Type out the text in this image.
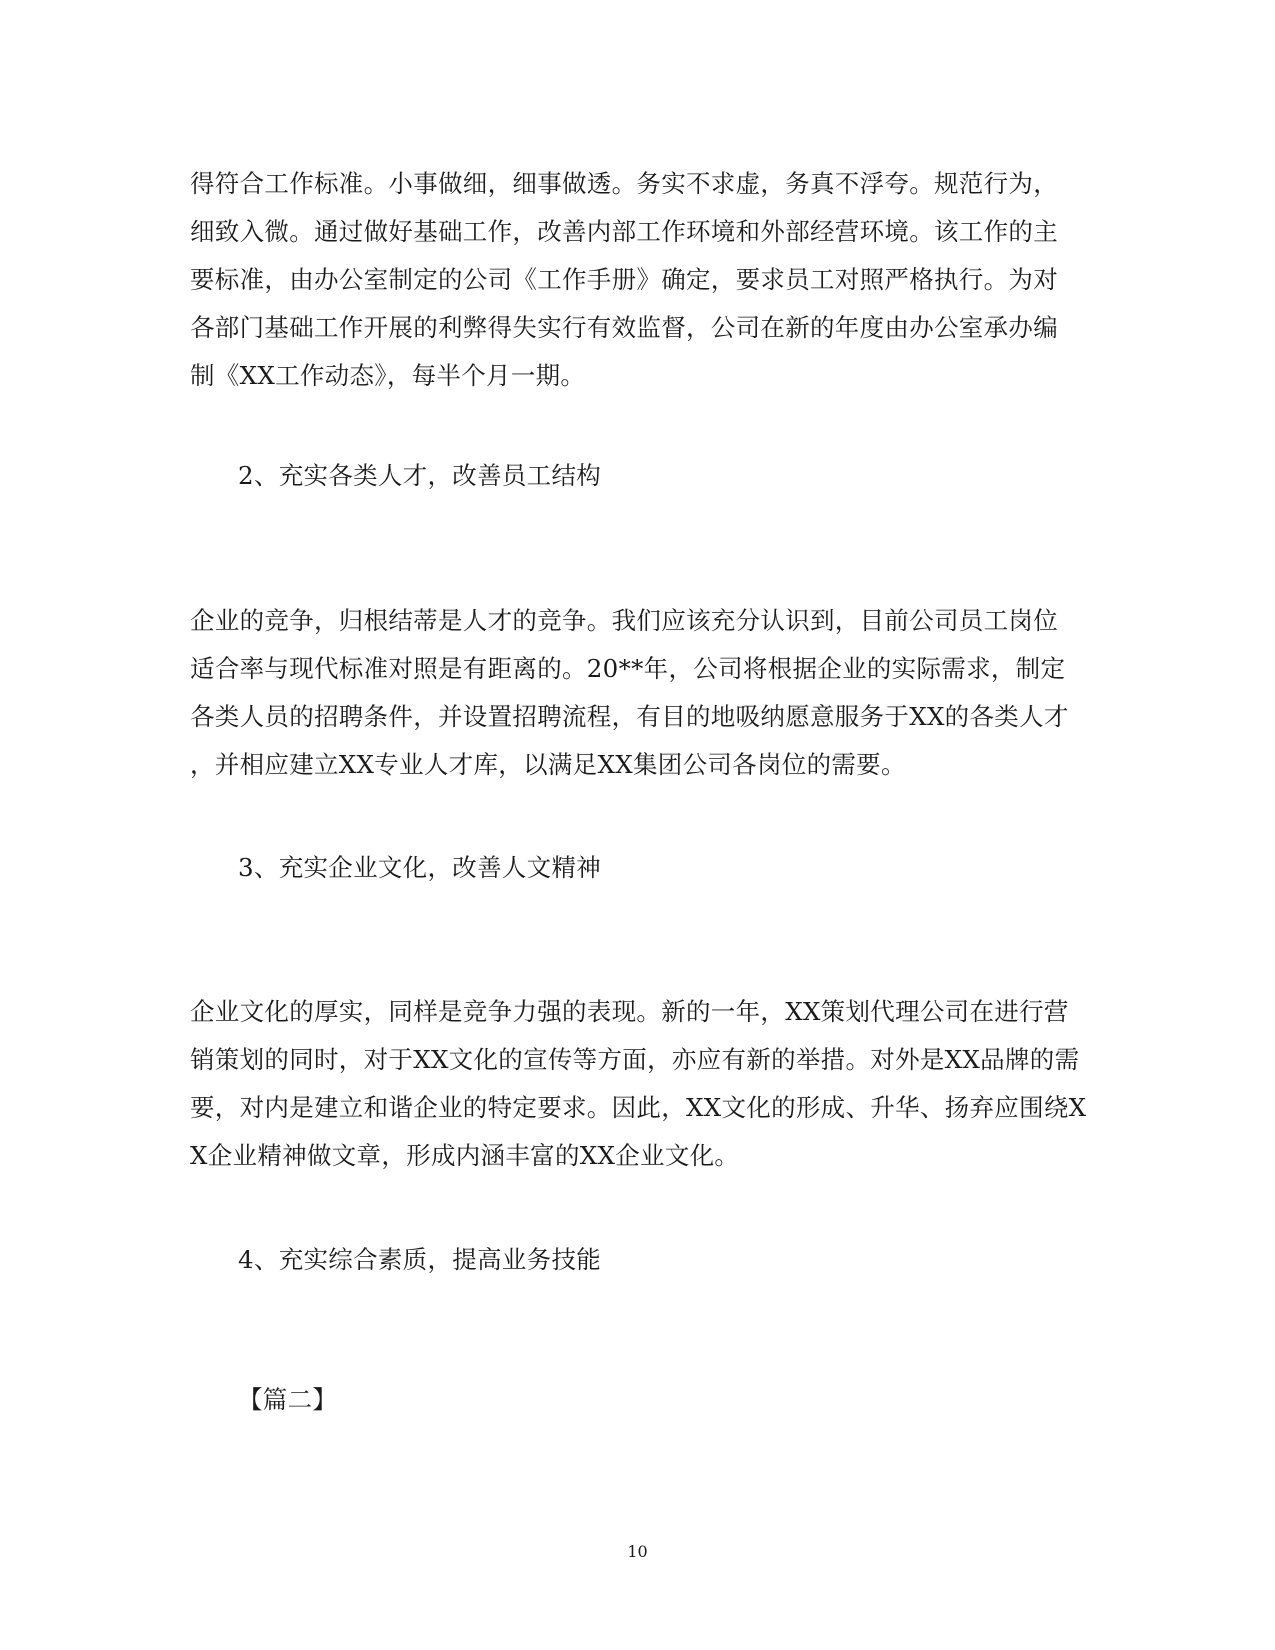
得符合工作标准。小事做细，细事做透。务实不求虚，务真不浮夸。规范行为，
细致入微。通过做好基础工作，改善内部工作环境和外部经营环境。该工作的主
要标准，由办公室制定的公司《工作手册》确定，要求员工对照严格执行。为对
各部门基础工作开展的利弊得失实行有效监督，公司在新的年度由办公室承办编
制《XX工作动态》，每半个月一期。

2、充实各类人才，改善员工结构

企业的竞争，归根结蒂是人才的竞争。我们应该充分认识到，目前公司员工岗位
适合率与现代标准对照是有距离的。20**年，公司将根据企业的实际需求，制定
各类人员的招聘条件，并设置招聘流程，有目的地吸纳愿意服务于XX的各类人才
，并相应建立XX专业人才库，以满足XX集团公司各岗位的需要。

3、充实企业文化，改善人文精神

企业文化的厚实，同样是竞争力强的表现。新的一年，XX策划代理公司在进行营
销策划的同时，对于XX文化的宣传等方面，亦应有新的举措。对外是XX品牌的需
要，对内是建立和谐企业的特定要求。因此，XX文化的形成、升华、扬弃应围绕X
X企业精神做文章，形成内涵丰富的XX企业文化。

4、充实综合素质，提高业务技能
【篇二】
10
